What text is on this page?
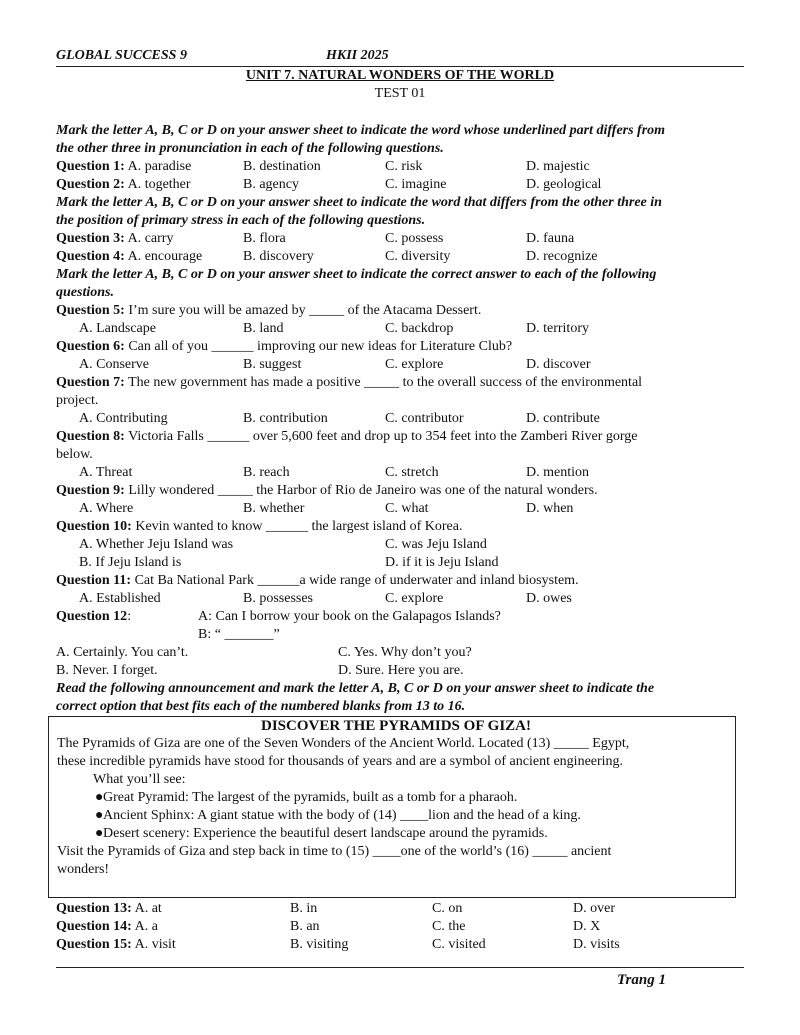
GLOBAL SUCCESS 9	HKII 2025
UNIT 7. NATURAL WONDERS OF THE WORLD
TEST 01
Mark the letter A, B, C or D on your answer sheet to indicate the word whose underlined part differs from
the other three in pronunciation in each of the following questions.
Question 1: A. paradise	B. destination	C. risk	D. majestic
Question 2: A. together	B. agency	C. imagine	D. geological
Mark the letter A, B, C or D on your answer sheet to indicate the word that differs from the other three in
the position of primary stress in each of the following questions.
Question 3: A. carry	B. flora	C. possess	D. fauna
Question 4: A. encourage	B. discovery	C. diversity	D. recognize
Mark the letter A, B, C or D on your answer sheet to indicate the correct answer to each of the following
questions.
Question 5: I’m sure you will be amazed by _____ of the Atacama Dessert.
A. Landscape	B. land	C. backdrop	D. territory
Question 6: Can all of you ______ improving our new ideas for Literature Club?
A. Conserve	B. suggest	C. explore	D. discover
Question 7: The new government has made a positive _____ to the overall success of the environmental
project.
A. Contributing	B. contribution	C. contributor	D. contribute
Question 8: Victoria Falls ______ over 5,600 feet and drop up to 354 feet into the Zamberi River gorge
below.
A. Threat	B. reach	C. stretch	D. mention
Question 9: Lilly wondered _____ the Harbor of Rio de Janeiro was one of the natural wonders.
A. Where	B. whether	C. what	D. when
Question 10: Kevin wanted to know ______ the largest island of Korea.
A. Whether Jeju Island was	C. was Jeju Island
B. If Jeju Island is	D. if it is Jeju Island
Question 11: Cat Ba National Park ______a wide range of underwater and inland biosystem.
A. Established	B. possesses	C. explore	D. owes
Question 12:	A: Can I borrow your book on the Galapagos Islands?
B: “ _______”
A. Certainly. You can’t.	C. Yes. Why don’t you?
B. Never. I forget.	D. Sure. Here you are.
Read the following announcement and mark the letter A, B, C or D on your answer sheet to indicate the
correct option that best fits each of the numbered blanks from 13 to 16.
DISCOVER THE PYRAMIDS OF GIZA!
The Pyramids of Giza are one of the Seven Wonders of the Ancient World. Located (13) _____ Egypt,
these incredible pyramids have stood for thousands of years and are a symbol of ancient engineering.
What you’ll see:
● Great Pyramid: The largest of the pyramids, built as a tomb for a pharaoh.
● Ancient Sphinx: A giant statue with the body of (14) ____lion and the head of a king.
● Desert scenery: Experience the beautiful desert landscape around the pyramids.
Visit the Pyramids of Giza and step back in time to (15) ____one of the world’s (16) _____ ancient
wonders!
Question 13: A. at	B. in	C. on	D. over
Question 14: A. a	B. an	C. the	D. X
Question 15: A. visit	B. visiting	C. visited	D. visits
Trang 1
